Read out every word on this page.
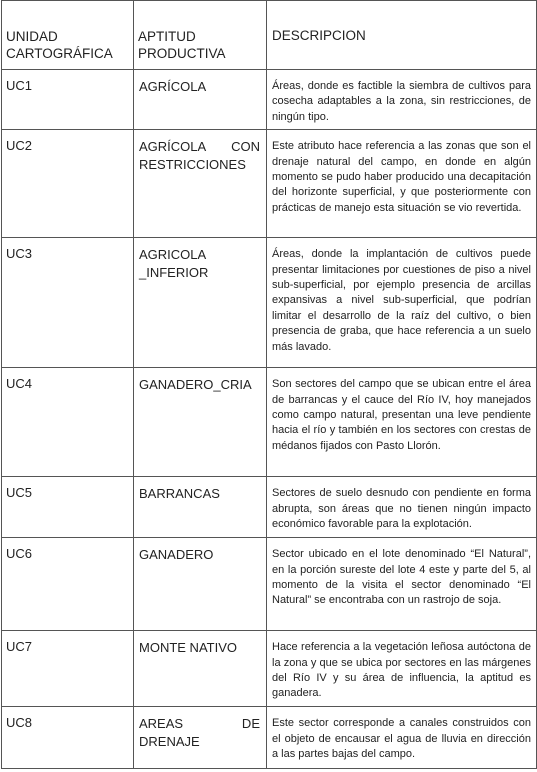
UNIDAD CARTOGRÁFICA	APTITUD PRODUCTIVA	DESCRIPCION
UC1	AGRÍCOLA	Áreas, donde es factible la siembra de cultivos para cosecha adaptables a la zona, sin restricciones, de ningún tipo.
UC2	AGRÍCOLA CON RESTRICCIONES	Este atributo hace referencia a las zonas que son el drenaje natural del campo, en donde en algún momento se pudo haber producido una decapitación del horizonte superficial, y que posteriormente con prácticas de manejo esta situación se vio revertida.
UC3	AGRICOLA _INFERIOR	Áreas, donde la implantación de cultivos puede presentar limitaciones por cuestiones de piso a nivel sub-superficial, por ejemplo presencia de arcillas expansivas a nivel sub-superficial, que podrían limitar el desarrollo de la raíz del cultivo, o bien presencia de graba, que hace referencia a un suelo más lavado.
UC4	GANADERO_CRIA	Son sectores del campo que se ubican entre el área de barrancas y el cauce del Río IV, hoy manejados como campo natural, presentan una leve pendiente hacia el río y también en los sectores con crestas de médanos fijados con Pasto Llorón.
UC5	BARRANCAS	Sectores de suelo desnudo con pendiente en forma abrupta, son áreas que no tienen ningún impacto económico favorable para la explotación.
UC6	GANADERO	Sector ubicado en el lote denominado “El Natural”, en la porción sureste del lote 4 este y parte del 5, al momento de la visita el sector denominado “El Natural” se encontraba con un rastrojo de soja.
UC7	MONTE NATIVO	Hace referencia a la vegetación leñosa autóctona de la zona y que se ubica por sectores en las márgenes del Río IV y su área de influencia, la aptitud es ganadera.
UC8	AREAS DE DRENAJE	Este sector corresponde a canales construidos con el objeto de encausar el agua de lluvia en dirección a las partes bajas del campo.
